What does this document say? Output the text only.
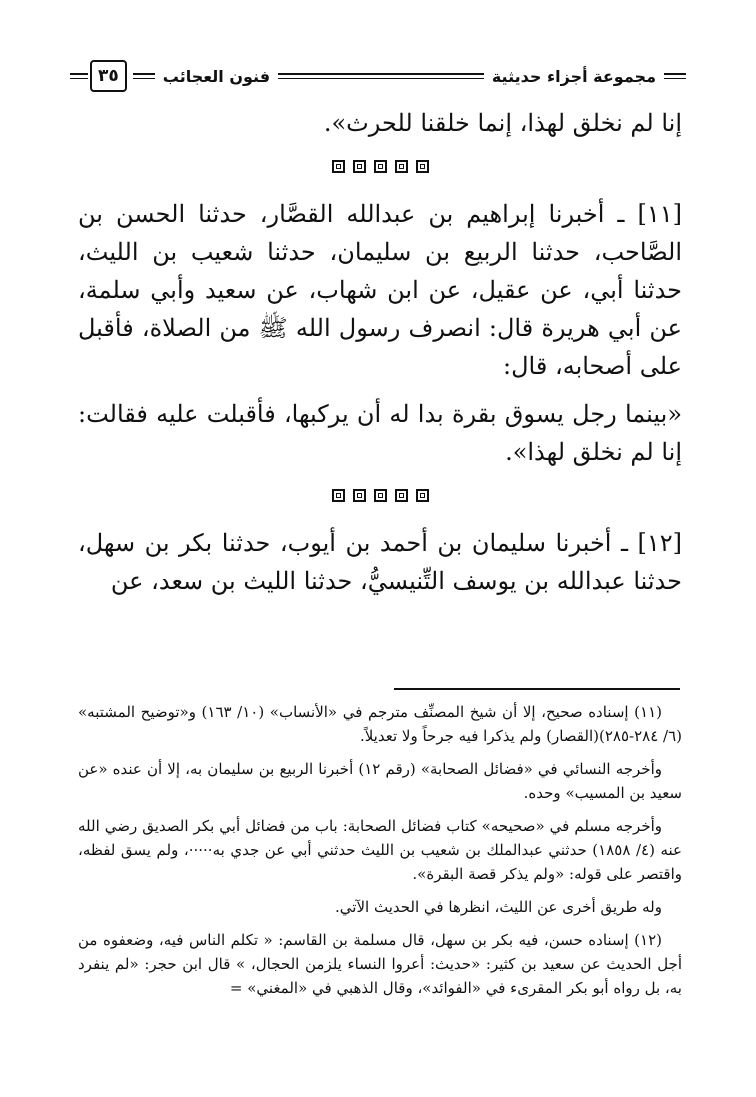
مجموعة أجزاء حديثية
فنون العجائب
٣٥

إنا لم نخلق لهذا، إنما خلقنا للحرث».

[١١] ـ أخبرنا إبراهيم بن عبدالله القصَّار، حدثنا الحسن بن الصَّاحب، حدثنا الربيع بن سليمان، حدثنا شعيب بن الليث، حدثنا أبي، عن عقيل، عن ابن شهاب، عن سعيد وأبي سلمة، عن أبي هريرة قال: انصرف رسول الله ﷺ من الصلاة، فأقبل على أصحابه، قال:

«بينما رجل يسوق بقرة بدا له أن يركبها، فأقبلت عليه فقالت: إنا لم نخلق لهذا».

[١٢] ـ أخبرنا سليمان بن أحمد بن أيوب، حدثنا بكر بن سهل، حدثنا عبدالله بن يوسف التِّنيسيُّ، حدثنا الليث بن سعد، عن

(١١) إسناده صحيح، إلا أن شيخ المصنِّف مترجم في «الأنساب» (١٠/ ١٦٣) و«توضيح المشتبه» (٦/ ٢٨٤-٢٨٥)(القصار) ولم يذكرا فيه جرحاً ولا تعديلاً.

وأخرجه النسائي في «فضائل الصحابة» (رقم ١٢) أخبرنا الربيع بن سليمان به، إلا أن عنده «عن سعيد بن المسيب» وحده.

وأخرجه مسلم في «صحيحه» كتاب فضائل الصحابة: باب من فضائل أبي بكر الصديق رضي الله عنه (٤/ ١٨٥٨) حدثني عبدالملك بن شعيب بن الليث حدثني أبي عن جدي به·····، ولم يسق لفظه، واقتصر على قوله: «ولم يذكر قصة البقرة».

وله طريق أخرى عن الليث، انظرها في الحديث الآتي.

(١٢) إسناده حسن، فيه بكر بن سهل، قال مسلمة بن القاسم: « تكلم الناس فيه، وضعفوه من أجل الحديث عن سعيد بن كثير: «حديث: أعروا النساء يلزمن الحجال، » قال ابن حجر: «لم ينفرد به، بل رواه أبو بكر المقرىء في «الفوائد»، وقال الذهبي في «المغني» =
